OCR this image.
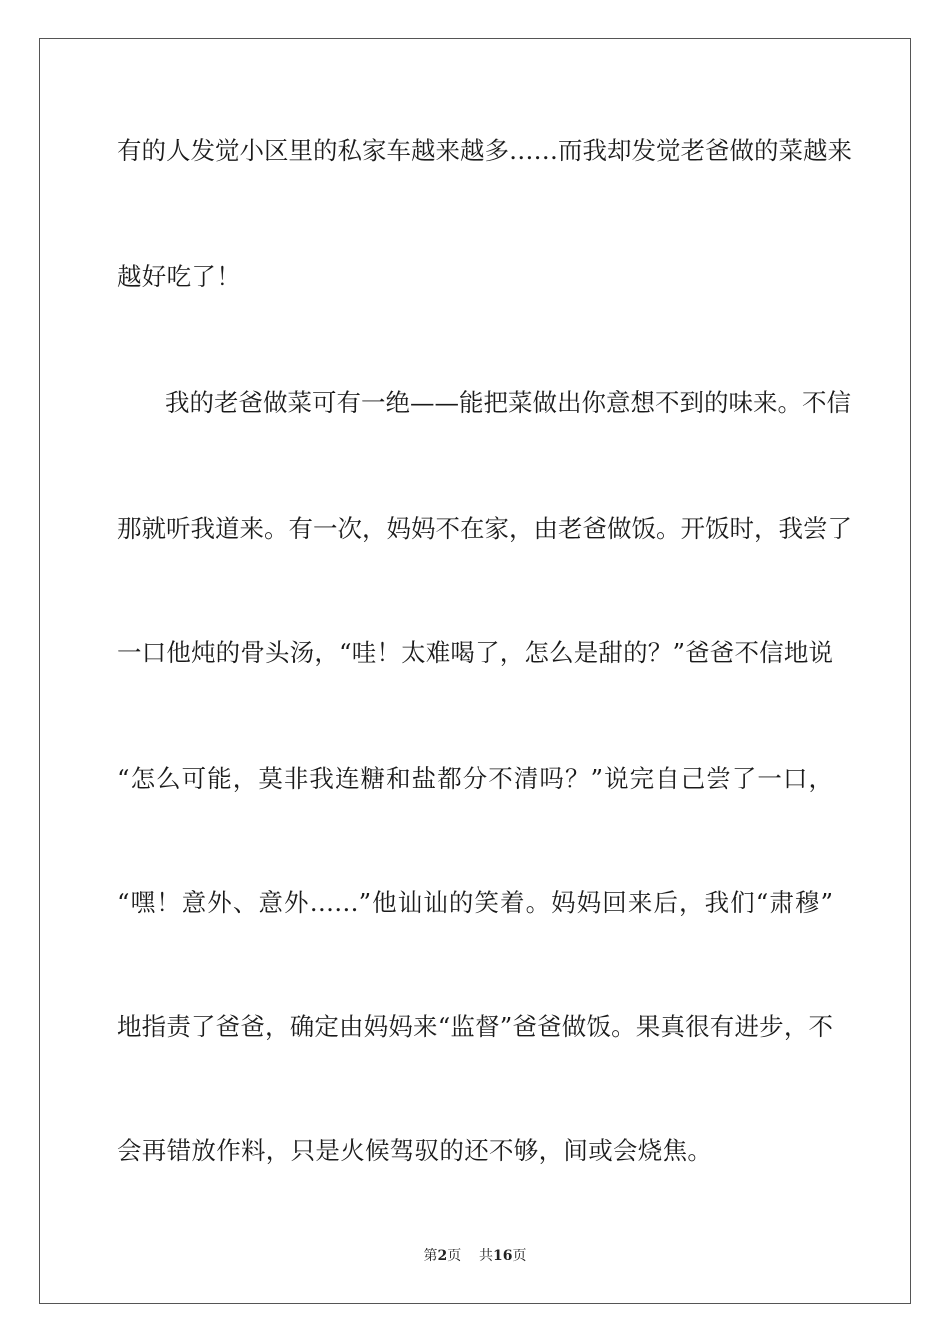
有的人发觉小区里的私家车越来越多……而我却发觉老爸做的菜越来
越好吃了！
我的老爸做菜可有一绝——能把菜做出你意想不到的味来。不信
那就听我道来。有一次，妈妈不在家，由老爸做饭。开饭时，我尝了
一口他炖的骨头汤，“哇！太难喝了，怎么是甜的？”爸爸不信地说
“怎么可能，莫非我连糖和盐都分不清吗？”说完自己尝了一口，
“嘿！意外、意外……”他讪讪的笑着。妈妈回来后，我们“肃穆”
地指责了爸爸，确定由妈妈来“监督”爸爸做饭。果真很有进步，不
会再错放作料，只是火候驾驭的还不够，间或会烧焦。
第2页 共16页
